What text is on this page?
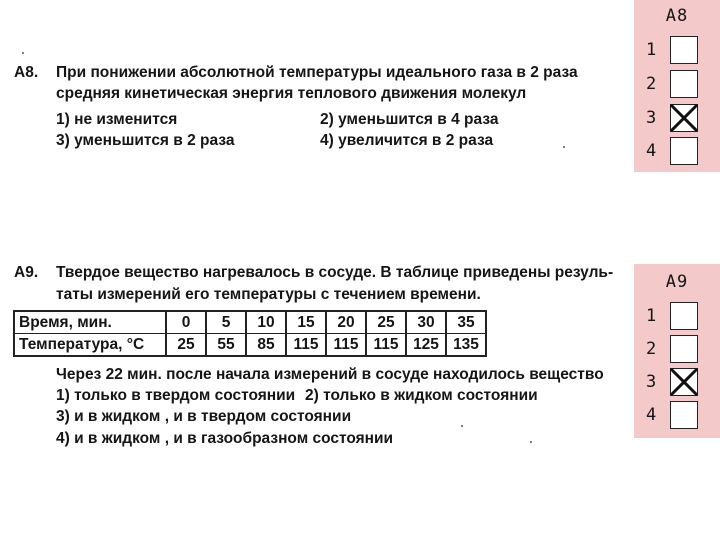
А8. При понижении абсолютной температуры идеального газа в 2 раза
средняя кинетическая энергия теплового движения молекул
1) не изменится	2) уменьшится в 4 раза
3) уменьшится в 2 раза	4) увеличится в 2 раза
А9. Твердое вещество нагревалось в сосуде. В таблице приведены резуль-
таты измерений его температуры с течением времени.
Время, мин.	0	5	10	15	20	25	30	35
Температура, °С	25	55	85	115	115	115	125	135
Через 22 мин. после начала измерений в сосуде находилось вещество
1) только в твердом состоянии 2) только в жидком состоянии
3) и в жидком , и в твердом состоянии
4) и в жидком , и в газообразном состоянии
A8
1
2
3
4
A9
1
2
3
4
